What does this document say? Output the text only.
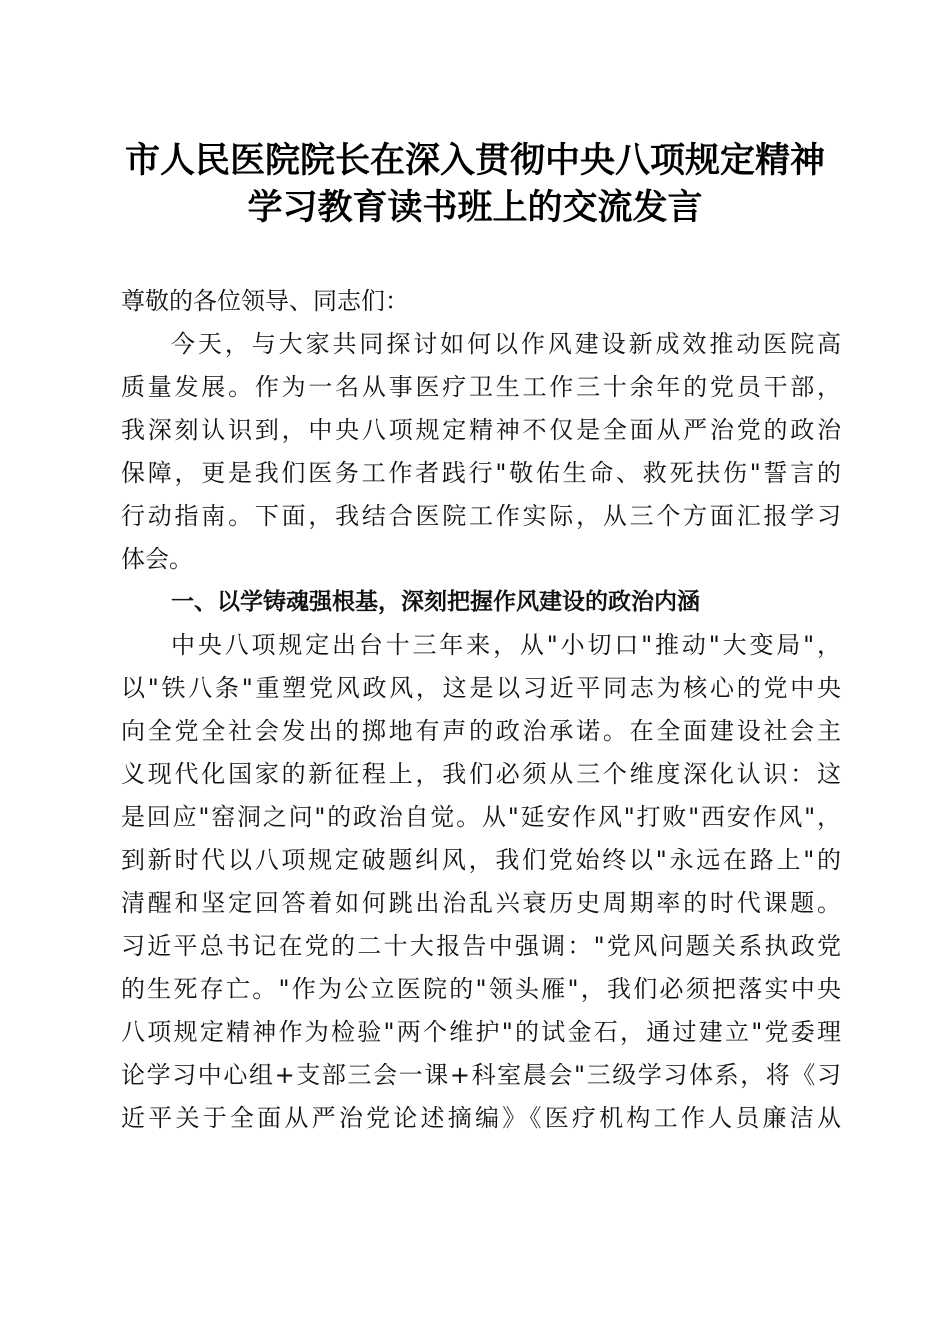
市人民医院院长在深入贯彻中央八项规定精神
学习教育读书班上的交流发言
尊敬的各位领导、同志们：
今天，与大家共同探讨如何以作风建设新成效推动医院高
质量发展。作为一名从事医疗卫生工作三十余年的党员干部，
我深刻认识到，中央八项规定精神不仅是全面从严治党的政治
保障，更是我们医务工作者践行"敬佑生命、救死扶伤"誓言的
行动指南。下面，我结合医院工作实际，从三个方面汇报学习
体会。
一、以学铸魂强根基，深刻把握作风建设的政治内涵
中央八项规定出台十三年来，从"小切口"推动"大变局"，
以"铁八条"重塑党风政风，这是以习近平同志为核心的党中央
向全党全社会发出的掷地有声的政治承诺。在全面建设社会主
义现代化国家的新征程上，我们必须从三个维度深化认识：这
是回应"窑洞之问"的政治自觉。从"延安作风"打败"西安作风"，
到新时代以八项规定破题纠风，我们党始终以"永远在路上"的
清醒和坚定回答着如何跳出治乱兴衰历史周期率的时代课题。
习近平总书记在党的二十大报告中强调："党风问题关系执政党
的生死存亡。"作为公立医院的"领头雁"，我们必须把落实中央
八项规定精神作为检验"两个维护"的试金石，通过建立"党委理
论学习中心组+支部三会一课+科室晨会"三级学习体系，将《习
近平关于全面从严治党论述摘编》《医疗机构工作人员廉洁从
